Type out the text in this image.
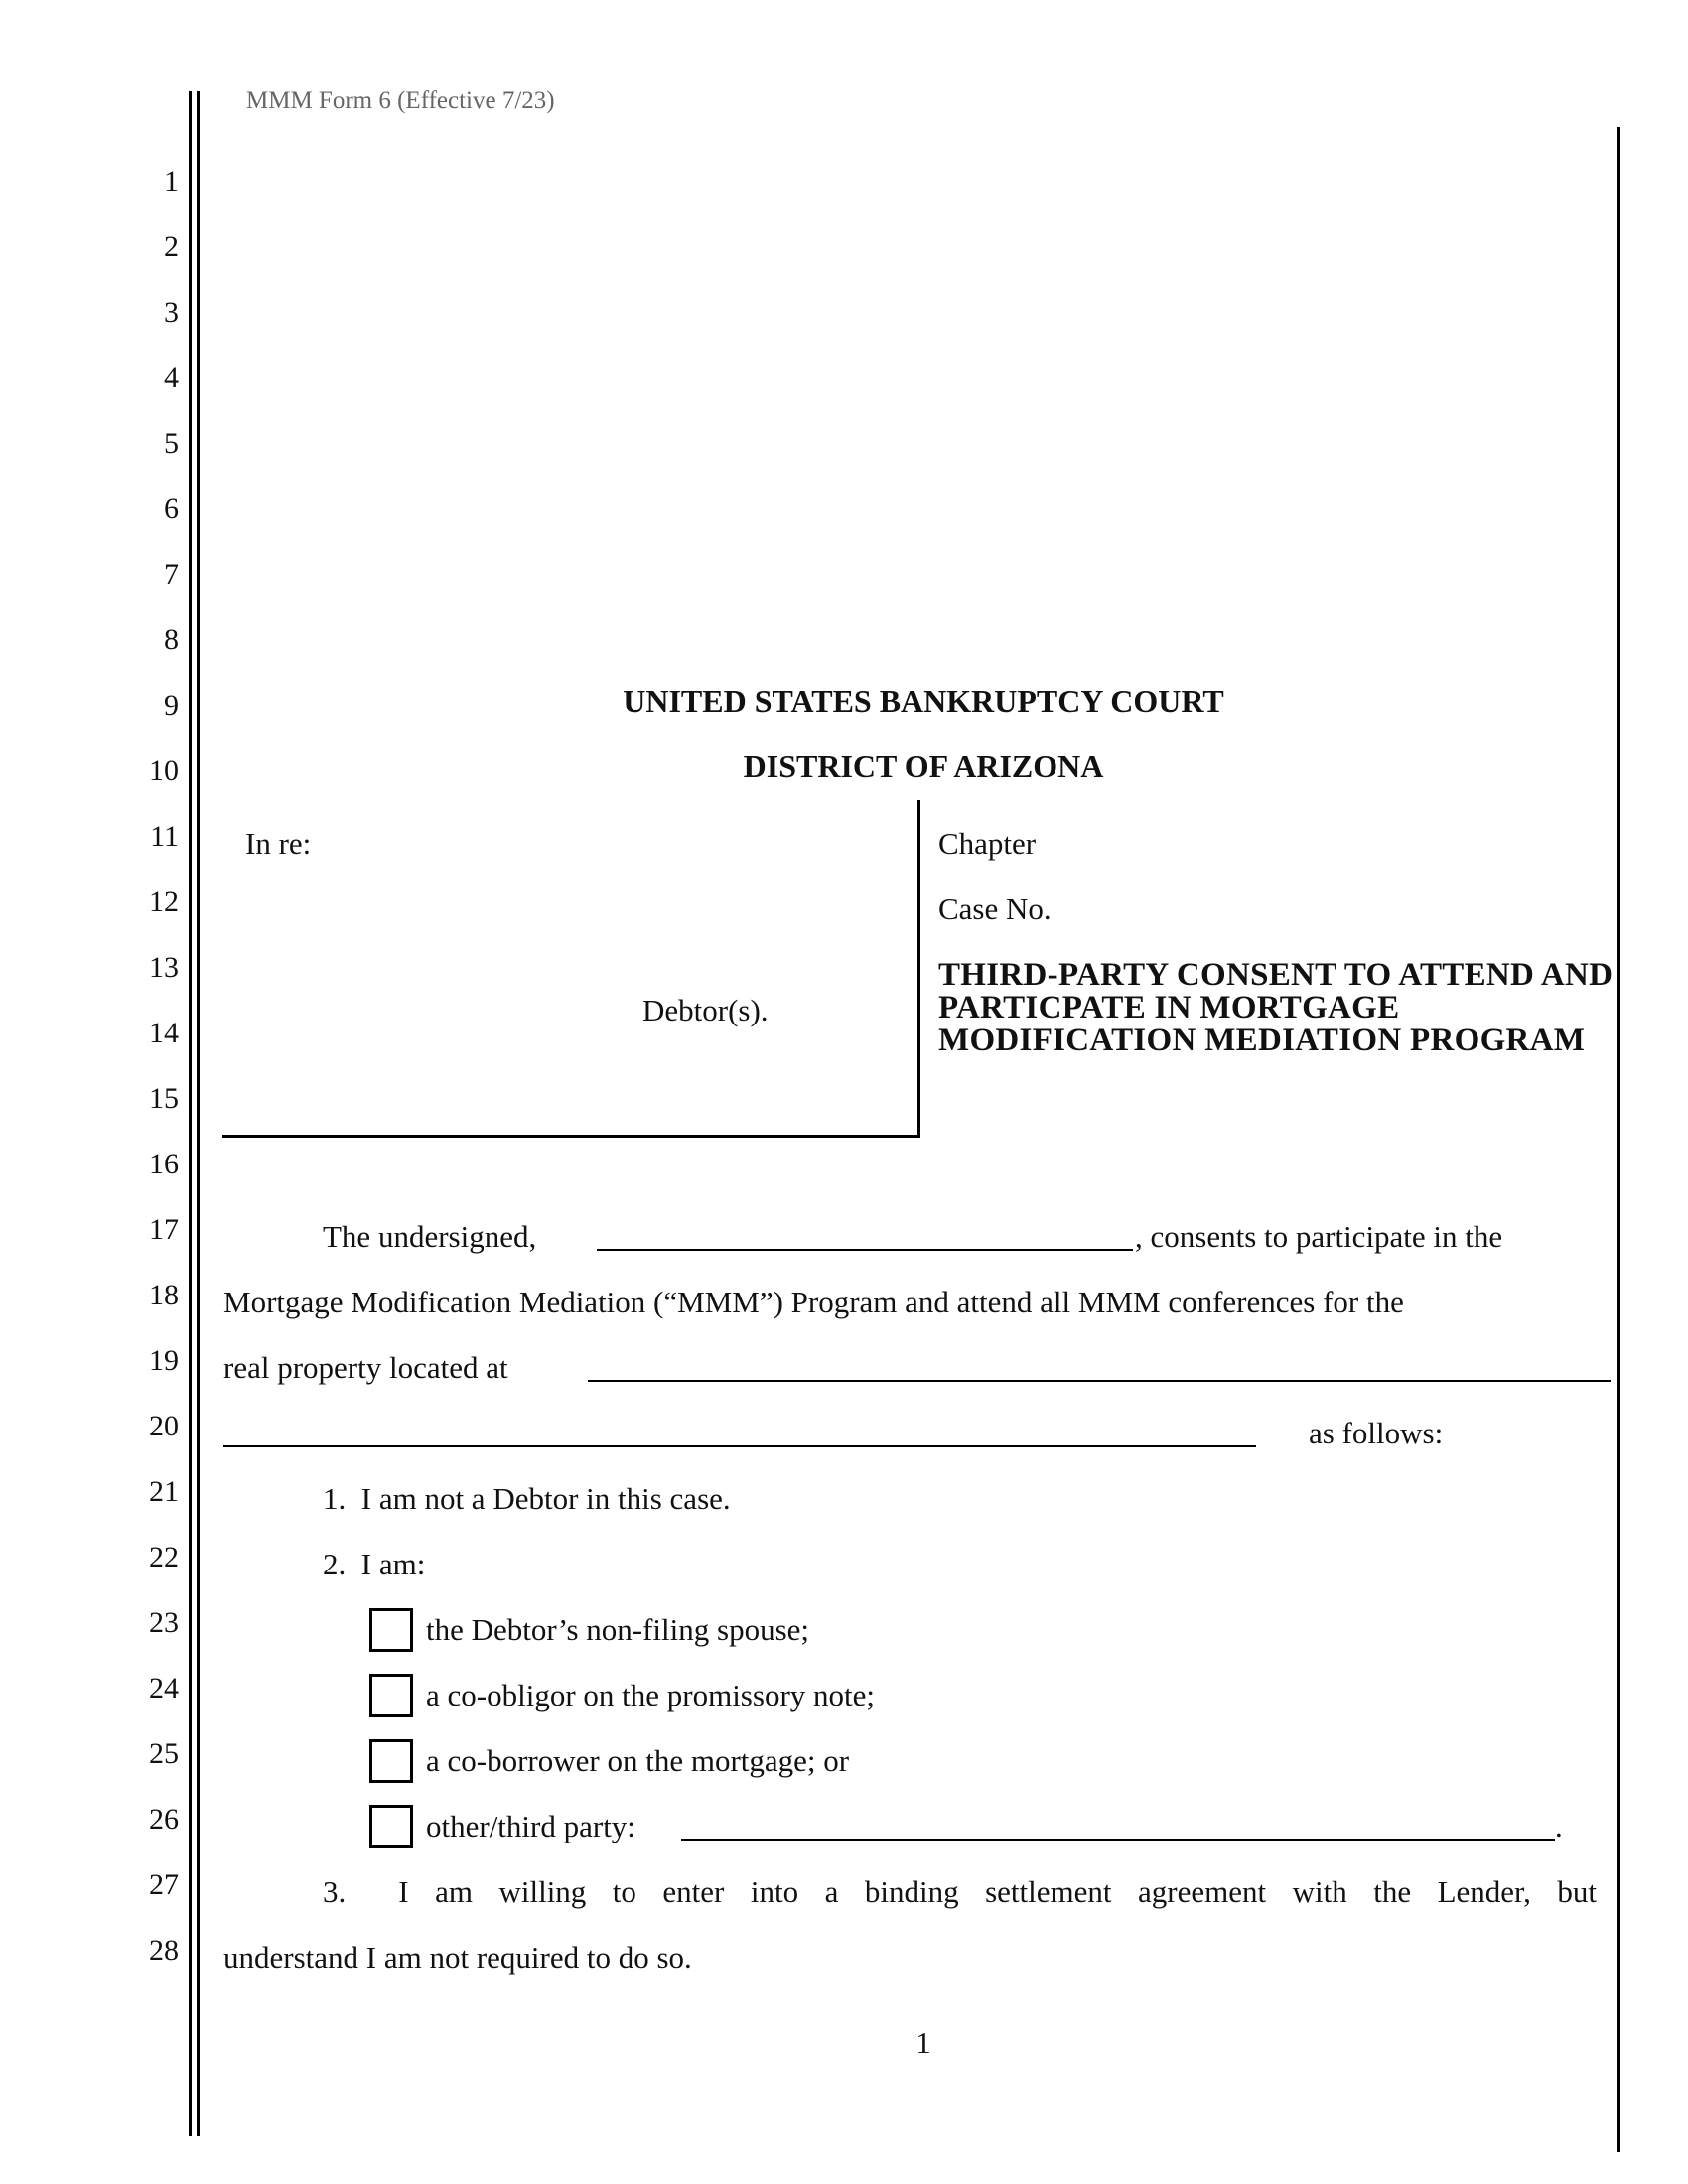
MMM Form 6 (Effective 7/23)
1
2
3
4
5
6
7
8
9
10
11
12
13
14
15
16
17
18
19
20
21
22
23
24
25
26
27
28
UNITED STATES BANKRUPTCY COURT
DISTRICT OF ARIZONA
In re:
Debtor(s).
Chapter
Case No.
THIRD-PARTY CONSENT TO ATTEND AND PARTICPATE IN MORTGAGE MODIFICATION MEDIATION PROGRAM
The undersigned,	, consents to participate in the
Mortgage Modification Mediation (“MMM”) Program and attend all MMM conferences for the
real property located at
as follows:
1.  I am not a Debtor in this case.
2.  I am:
the Debtor’s non-filing spouse;
a co-obligor on the promissory note;
a co-borrower on the mortgage; or
other/third party:	.
3.  I am willing to enter into a binding settlement agreement with the Lender, but
understand I am not required to do so.
1
